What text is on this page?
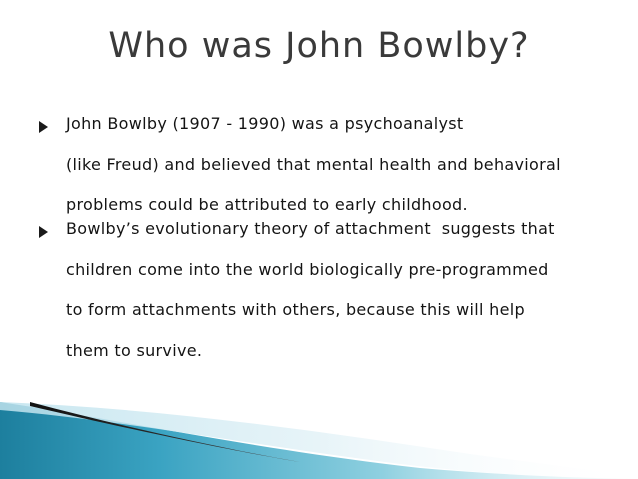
Who was John Bowlby?
John Bowlby (1907 - 1990) was a psychoanalyst
(like Freud) and believed that mental health and behavioral
problems could be attributed to early childhood.
Bowlby’s evolutionary theory of attachment  suggests that
children come into the world biologically pre-programmed
to form attachments with others, because this will help
them to survive.
